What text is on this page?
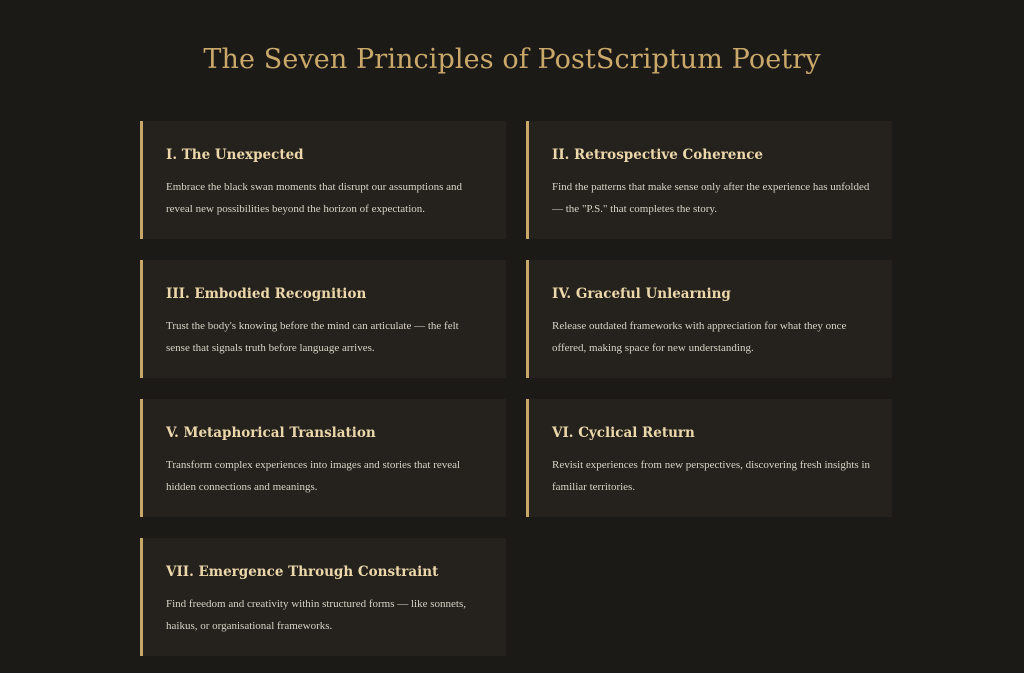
The Seven Principles of PostScriptum Poetry
I. The Unexpected

Embrace the black swan moments that disrupt our assumptions and reveal new possibilities beyond the horizon of expectation.

II. Retrospective Coherence

Find the patterns that make sense only after the experience has unfolded — the "P.S." that completes the story.

III. Embodied Recognition

Trust the body's knowing before the mind can articulate — the felt sense that signals truth before language arrives.

IV. Graceful Unlearning

Release outdated frameworks with appreciation for what they once offered, making space for new understanding.

V. Metaphorical Translation

Transform complex experiences into images and stories that reveal hidden connections and meanings.

VI. Cyclical Return

Revisit experiences from new perspectives, discovering fresh insights in familiar territories.

VII. Emergence Through Constraint

Find freedom and creativity within structured forms — like sonnets, haikus, or organisational frameworks.
